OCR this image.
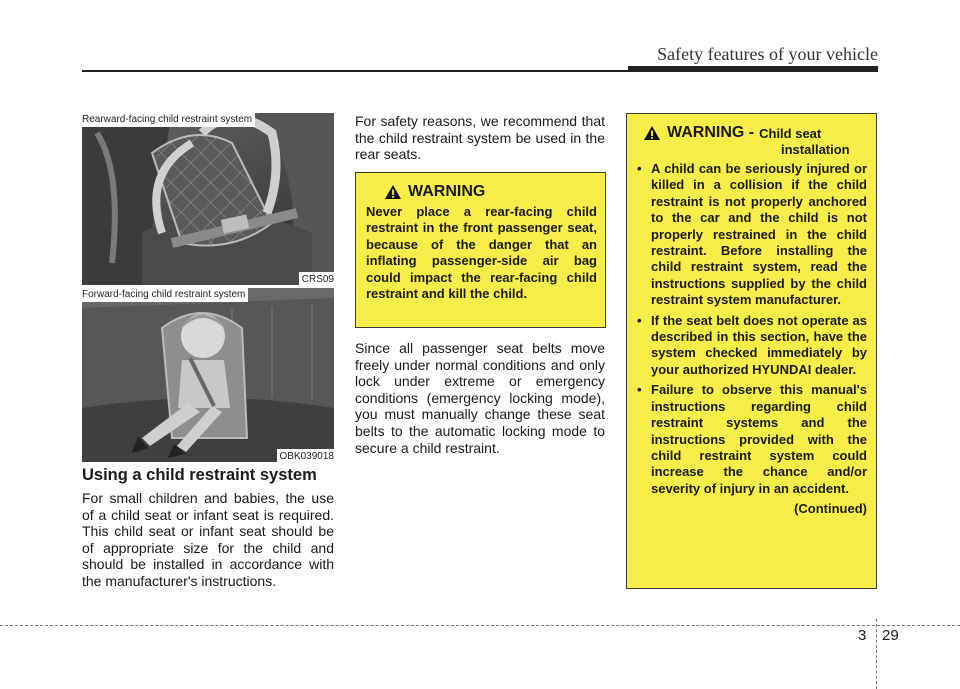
Safety features of your vehicle
Rearward-facing child restraint system
CRS09
Forward-facing child restraint system
OBK039018
Using a child restraint system
For small children and babies, the use of a child seat or infant seat is required. This child seat or infant seat should be of appropriate size for the child and should be installed in accordance with the manufacturer's instructions.
For safety reasons, we recommend that the child restraint system be used in the rear seats.
WARNING
Never place a rear-facing child restraint in the front passenger seat, because of the danger that an inflating passenger-side air bag could impact the rear-facing child restraint and kill the child.
Since all passenger seat belts move freely under normal conditions and only lock under extreme or emergency conditions (emergency locking mode), you must manually change these seat belts to the automatic locking mode to secure a child restraint.
WARNING - Child seat
installation
• A child can be seriously injured or killed in a collision if the child restraint is not properly anchored to the car and the child is not properly restrained in the child restraint. Before installing the child restraint system, read the instructions supplied by the child restraint system manufacturer.
• If the seat belt does not operate as described in this section, have the system checked immediately by your authorized HYUNDAI dealer.
• Failure to observe this manual's instructions regarding child restraint systems and the instructions provided with the child restraint system could increase the chance and/or severity of injury in an accident.
(Continued)
3 29
